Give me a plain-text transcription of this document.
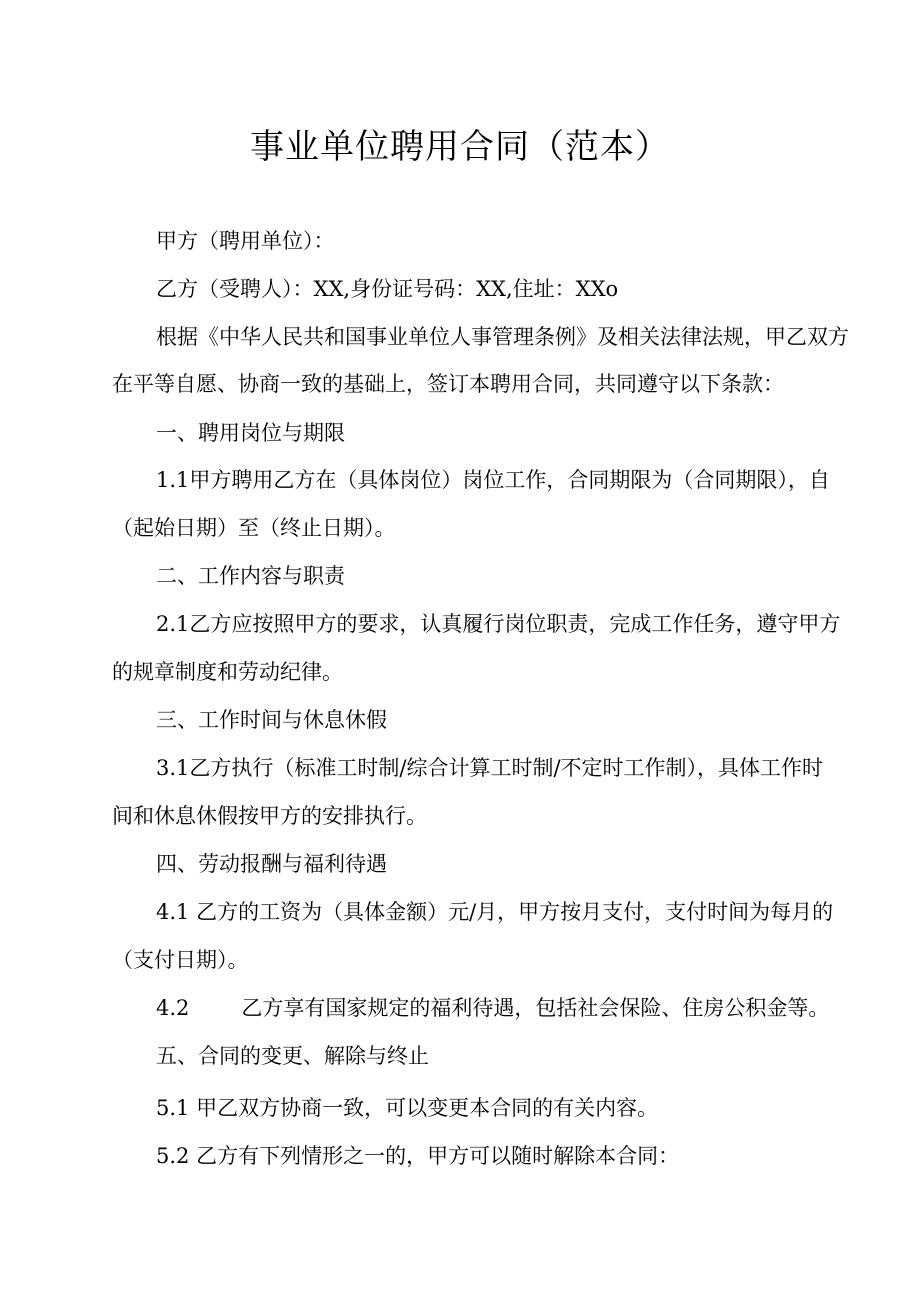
事业单位聘用合同（范本）

甲方（聘用单位）：

乙方（受聘人）：XX,身份证号码：XX,住址：XXo

根据《中华人民共和国事业单位人事管理条例》及相关法律法规，甲乙双方

在平等自愿、协商一致的基础上，签订本聘用合同，共同遵守以下条款：

一、聘用岗位与期限

1.1甲方聘用乙方在（具体岗位）岗位工作，合同期限为（合同期限），自

（起始日期）至（终止日期）。

二、工作内容与职责

2.1乙方应按照甲方的要求，认真履行岗位职责，完成工作任务，遵守甲方

的规章制度和劳动纪律。

三、工作时间与休息休假

3.1乙方执行（标准工时制/综合计算工时制/不定时工作制），具体工作时

间和休息休假按甲方的安排执行。

四、劳动报酬与福利待遇

4.1 乙方的工资为（具体金额）元/月，甲方按月支付，支付时间为每月的

（支付日期）。

4.2 乙方享有国家规定的福利待遇，包括社会保险、住房公积金等。

五、合同的变更、解除与终止

5.1 甲乙双方协商一致，可以变更本合同的有关内容。

5.2 乙方有下列情形之一的，甲方可以随时解除本合同：
